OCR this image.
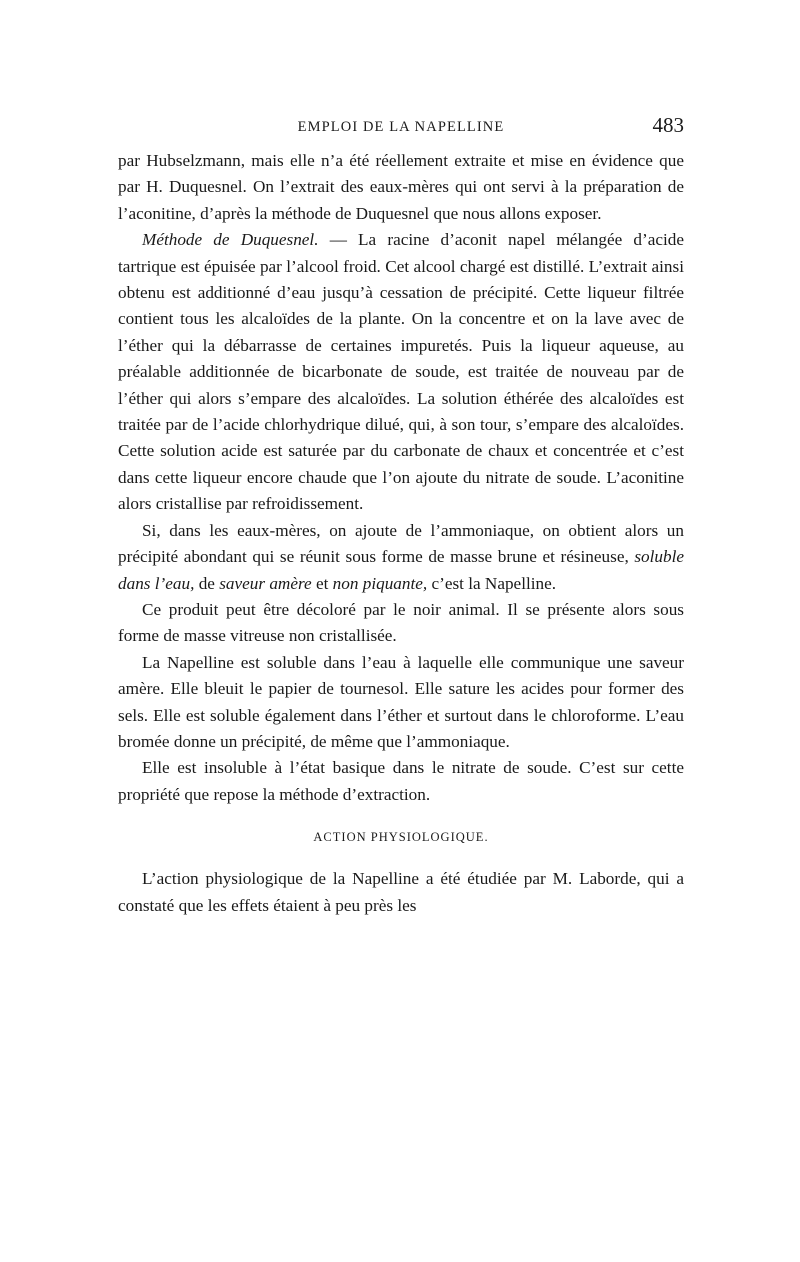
EMPLOI DE LA NAPELLINE	483

par Hubselzmann, mais elle n’a été réellement extraite et mise en évidence que par H. Duquesnel. On l’extrait des eaux-mères qui ont servi à la préparation de l’aconitine, d’après la méthode de Duquesnel que nous allons exposer.

Méthode de Duquesnel. — La racine d’aconit napel mélangée d’acide tartrique est épuisée par l’alcool froid. Cet alcool chargé est distillé. L’extrait ainsi obtenu est additionné d’eau jusqu’à cessation de précipité. Cette liqueur filtrée contient tous les alcaloïdes de la plante. On la concentre et on la lave avec de l’éther qui la débarrasse de certaines impuretés. Puis la liqueur aqueuse, au préalable additionnée de bicarbonate de soude, est traitée de nouveau par de l’éther qui alors s’empare des alcaloïdes. La solution éthérée des alcaloïdes est traitée par de l’acide chlorhydrique dilué, qui, à son tour, s’empare des alcaloïdes. Cette solution acide est saturée par du carbonate de chaux et concentrée et c’est dans cette liqueur encore chaude que l’on ajoute du nitrate de soude. L’aconitine alors cristallise par refroidissement.

Si, dans les eaux-mères, on ajoute de l’ammoniaque, on obtient alors un précipité abondant qui se réunit sous forme de masse brune et résineuse, soluble dans l’eau, de saveur amère et non piquante, c’est la Napelline.

Ce produit peut être décoloré par le noir animal. Il se présente alors sous forme de masse vitreuse non cristallisée.

La Napelline est soluble dans l’eau à laquelle elle communique une saveur amère. Elle bleuit le papier de tournesol. Elle sature les acides pour former des sels. Elle est soluble également dans l’éther et surtout dans le chloroforme. L’eau bromée donne un précipité, de même que l’ammoniaque.

Elle est insoluble à l’état basique dans le nitrate de soude. C’est sur cette propriété que repose la méthode d’extraction.

ACTION PHYSIOLOGIQUE.

L’action physiologique de la Napelline a été étudiée par M. Laborde, qui a constaté que les effets étaient à peu près les
